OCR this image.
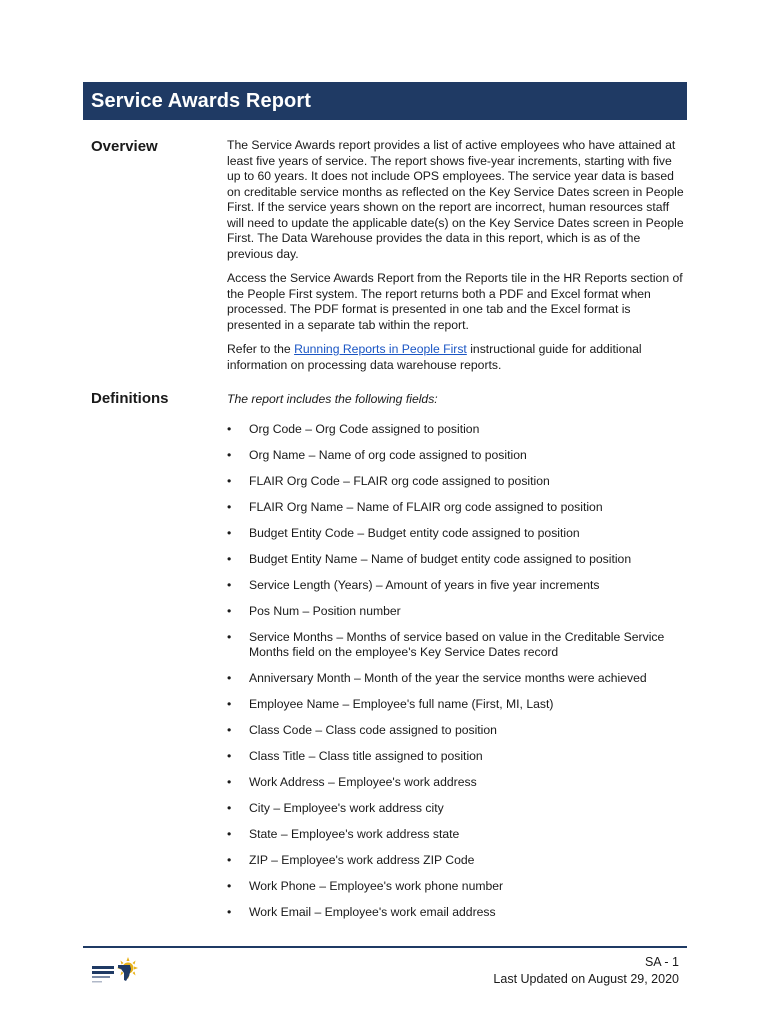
Service Awards Report
Overview	The Service Awards report provides a list of active employees who have attained at least five years of service. The report shows five-year increments, starting with five up to 60 years. It does not include OPS employees. The service year data is based on creditable service months as reflected on the Key Service Dates screen in People First. If the service years shown on the report are incorrect, human resources staff will need to update the applicable date(s) on the Key Service Dates screen in People First. The Data Warehouse provides the data in this report, which is as of the previous day.

Access the Service Awards Report from the Reports tile in the HR Reports section of the People First system. The report returns both a PDF and Excel format when processed. The PDF format is presented in one tab and the Excel format is presented in a separate tab within the report.

Refer to the Running Reports in People First instructional guide for additional information on processing data warehouse reports.

Definitions	The report includes the following fields:

• Org Code – Org Code assigned to position
• Org Name – Name of org code assigned to position
• FLAIR Org Code – FLAIR org code assigned to position
• FLAIR Org Name – Name of FLAIR org code assigned to position
• Budget Entity Code – Budget entity code assigned to position
• Budget Entity Name – Name of budget entity code assigned to position
• Service Length (Years) – Amount of years in five year increments
• Pos Num – Position number
• Service Months – Months of service based on value in the Creditable Service Months field on the employee's Key Service Dates record
• Anniversary Month – Month of the year the service months were achieved
• Employee Name – Employee's full name (First, MI, Last)
• Class Code – Class code assigned to position
• Class Title – Class title assigned to position
• Work Address – Employee's work address
• City – Employee's work address city
• State – Employee's work address state
• ZIP – Employee's work address ZIP Code
• Work Phone – Employee's work phone number
• Work Email – Employee's work email address
SA - 1
Last Updated on August 29, 2020
